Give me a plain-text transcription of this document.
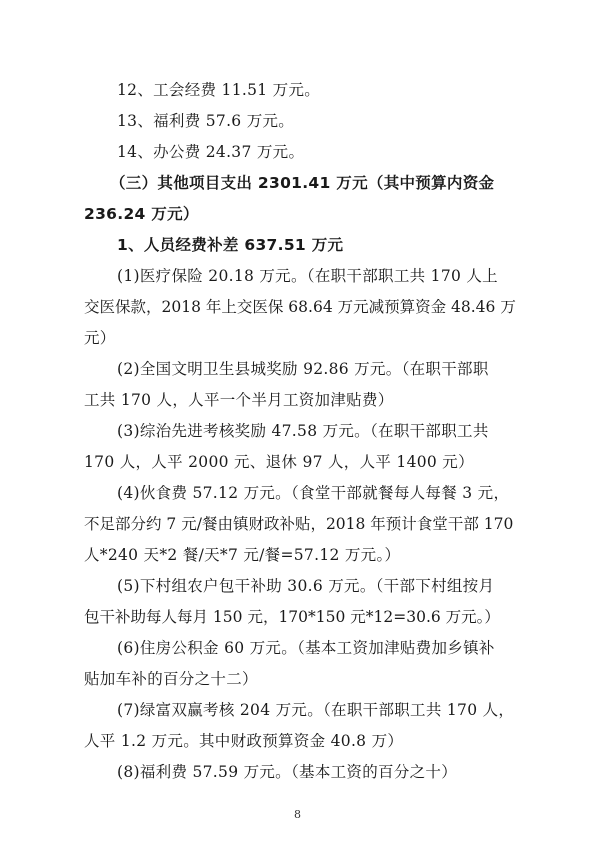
12、工会经费 11.51 万元。
13、福利费 57.6 万元。
14、办公费 24.37 万元。
（三）其他项目支出 2301.41 万元（其中预算内资金
236.24 万元）
1、人员经费补差 637.51 万元
(1)医疗保险 20.18 万元。（在职干部职工共 170 人上
交医保款，2018 年上交医保 68.64 万元减预算资金 48.46 万
元）
(2)全国文明卫生县城奖励 92.86 万元。（在职干部职
工共 170 人，人平一个半月工资加津贴费）
(3)综治先进考核奖励 47.58 万元。（在职干部职工共
170 人，人平 2000 元、退休 97 人，人平 1400 元）
(4)伙食费 57.12 万元。（食堂干部就餐每人每餐 3 元，
不足部分约 7 元/餐由镇财政补贴，2018 年预计食堂干部 170
人*240 天*2 餐/天*7 元/餐=57.12 万元。）
(5)下村组农户包干补助 30.6 万元。（干部下村组按月
包干补助每人每月 150 元，170*150 元*12=30.6 万元。）
(6)住房公积金 60 万元。（基本工资加津贴费加乡镇补
贴加车补的百分之十二）
(7)绿富双赢考核 204 万元。（在职干部职工共 170 人，
人平 1.2 万元。其中财政预算资金 40.8 万）
(8)福利费 57.59 万元。（基本工资的百分之十）
8
